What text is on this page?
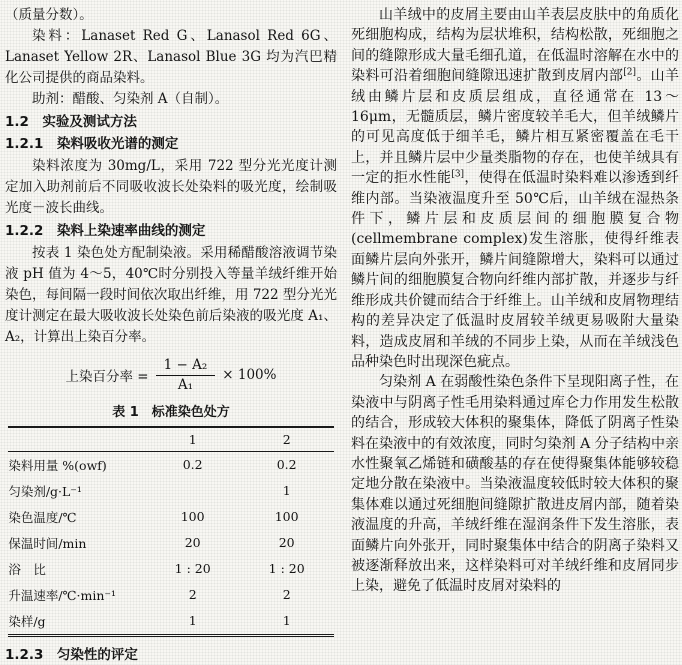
（质量分数）。

染料：Lanaset Red G、Lanasol Red 6G、Lanaset Yellow 2R、Lanasol Blue 3G 均为汽巴精化公司提供的商品染料。

助剂：醋酸、匀染剂 A（自制）。

1.2　实验及测试方法
1.2.1　染料吸收光谱的测定

染料浓度为 30mg/L，采用 722 型分光光度计测定加入助剂前后不同吸收波长处染料的吸光度，绘制吸光度－波长曲线。

1.2.2　染料上染速率曲线的测定

按表 1 染色处方配制染液。采用稀醋酸溶液调节染液 pH 值为 4～5，40℃时分别投入等量羊绒纤维开始染色，每间隔一段时间依次取出纤维，用 722 型分光光度计测定在最大吸收波长处染色前后染液的吸光度 A₁、A₂，计算出上染百分率。

上染百分率 = $\frac{\text{1 − A₂}}{\text{A₁}} \times 100\%$
表 1　标准染色处方
	1	2
染料用量 %(owf)	0.2	0.2
匀染剂/g·L⁻¹		1
染色温度/℃	100	100
保温时间/min	20	20
浴　比	1 : 20	1 : 20
升温速率/℃·min⁻¹	2	2
染样/g	1	1
1.2.3　匀染性的评定

山羊绒中的皮屑主要由山羊表层皮肤中的角质化死细胞构成，结构为层状堆积，结构松散，死细胞之间的缝隙形成大量毛细孔道，在低温时溶解在水中的染料可沿着细胞间缝隙迅速扩散到皮屑内部[2]。山羊绒由鳞片层和皮质层组成，直径通常在 13～16μm，无髓质层，鳞片密度较羊毛大，但羊绒鳞片的可见高度低于细羊毛，鳞片相互紧密覆盖在毛干上，并且鳞片层中少量类脂物的存在，也使羊绒具有一定的拒水性能[3]，使得在低温时染料难以渗透到纤维内部。当染液温度升至 50℃后，山羊绒在湿热条件下，鳞片层和皮质层间的细胞膜复合物(cellmembrane complex)发生溶胀，使得纤维表面鳞片层向外张开，鳞片间缝隙增大，染料可以通过鳞片间的细胞膜复合物向纤维内部扩散，并逐步与纤维形成共价键而结合于纤维上。山羊绒和皮屑物理结构的差异决定了低温时皮屑较羊绒更易吸附大量染料，造成皮屑和羊绒的不同步上染，从而在羊绒浅色品种染色时出现深色疵点。

匀染剂 A 在弱酸性染色条件下呈现阳离子性，在染液中与阴离子性毛用染料通过库仑力作用发生松散的结合，形成较大体积的聚集体，降低了阴离子性染料在染液中的有效浓度，同时匀染剂 A 分子结构中亲水性聚氧乙烯链和磺酸基的存在使得聚集体能够较稳定地分散在染液中。当染液温度较低时较大体积的聚集体难以通过死细胞间缝隙扩散进皮屑内部，随着染液温度的升高，羊绒纤维在湿润条件下发生溶胀，表面鳞片向外张开，同时聚集体中结合的阴离子染料又被逐渐释放出来，这样染料可对羊绒纤维和皮屑同步上染，避免了低温时皮屑对染料的
